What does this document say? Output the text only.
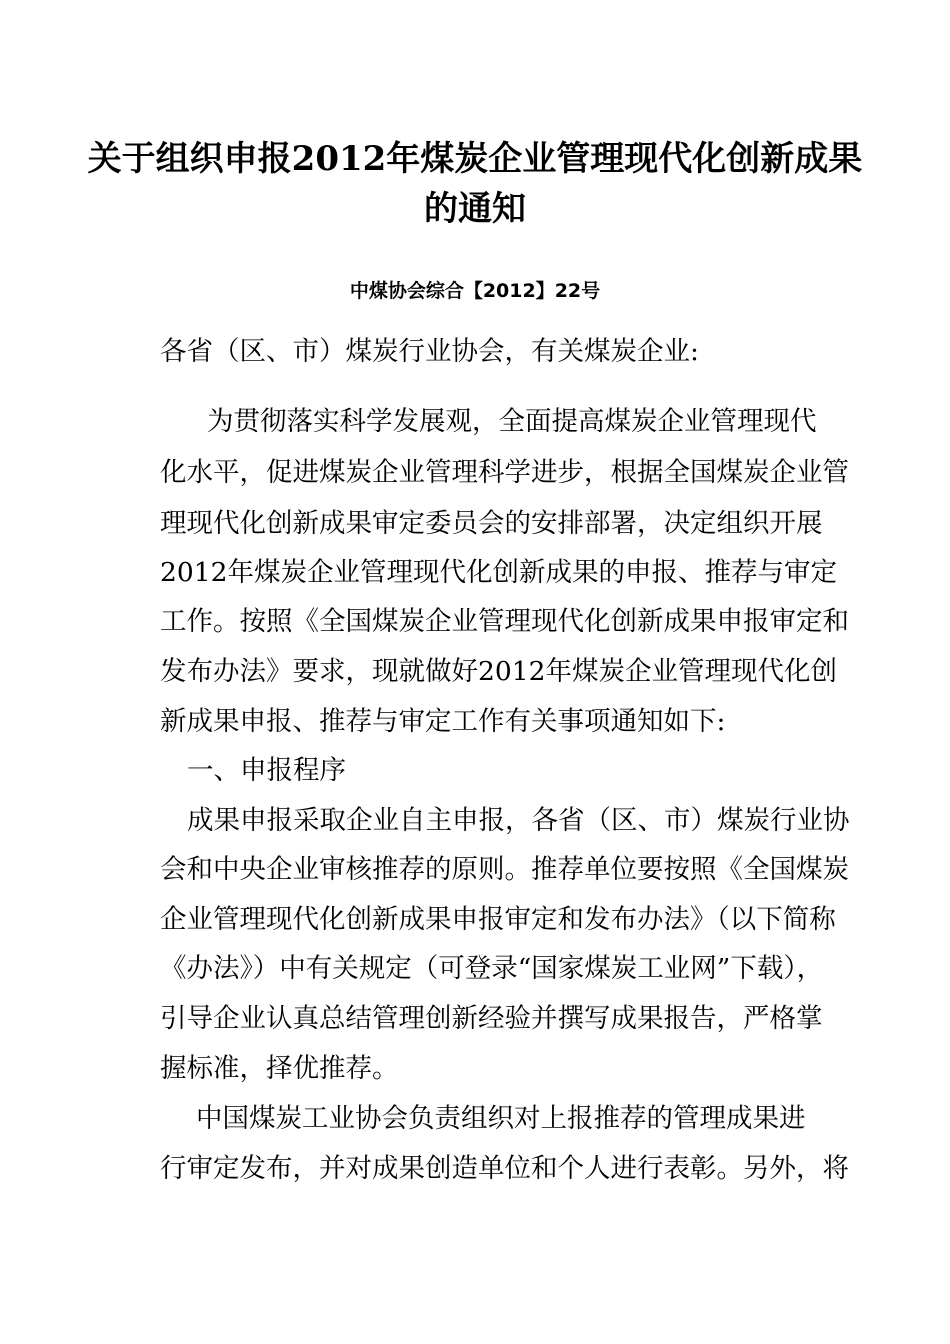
关于组织申报2012年煤炭企业管理现代化创新成果
的通知
中煤协会综合【2012】22号
各省（区、市）煤炭行业协会，有关煤炭企业:
为贯彻落实科学发展观，全面提高煤炭企业管理现代
化水平，促进煤炭企业管理科学进步，根据全国煤炭企业管
理现代化创新成果审定委员会的安排部署，决定组织开展
2012年煤炭企业管理现代化创新成果的申报、推荐与审定
工作。按照《全国煤炭企业管理现代化创新成果申报审定和
发布办法》要求，现就做好2012年煤炭企业管理现代化创
新成果申报、推荐与审定工作有关事项通知如下:
一、申报程序
成果申报采取企业自主申报，各省（区、市）煤炭行业协
会和中央企业审核推荐的原则。推荐单位要按照《全国煤炭
企业管理现代化创新成果申报审定和发布办法》（以下简称
《办法》）中有关规定（可登录“国家煤炭工业网”下载），
引导企业认真总结管理创新经验并撰写成果报告，严格掌
握标准，择优推荐。
中国煤炭工业协会负责组织对上报推荐的管理成果进
行审定发布，并对成果创造单位和个人进行表彰。另外，将
